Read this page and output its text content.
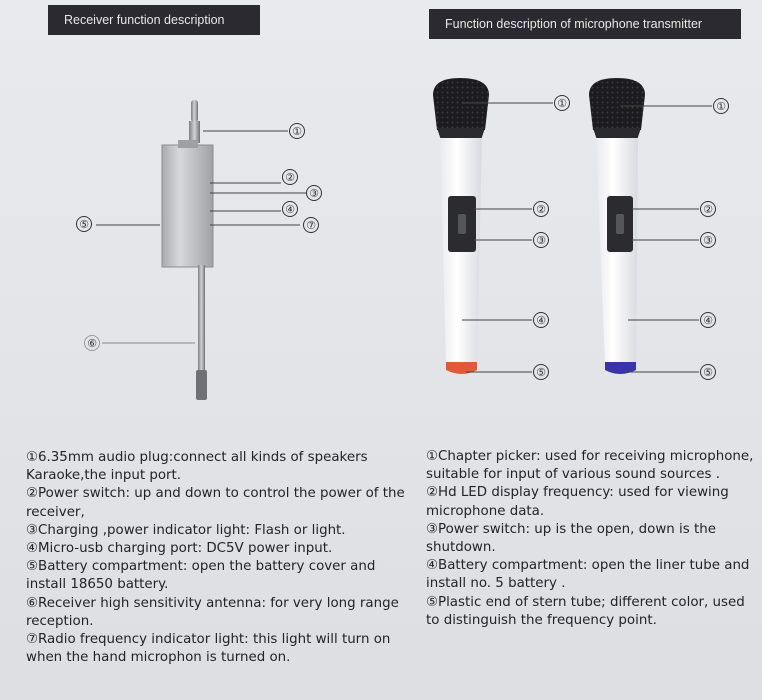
Receiver function description	Function description of microphone transmitter
①
②
③
④
⑦
⑤
⑥
①
②
③
④
⑤
①
②
③
④
⑤
①6.35mm audio plug:connect all kinds of speakers Karaoke,the input port.
②Power switch: up and down to control the power of the receiver,
③Charging ,power indicator light: Flash or light.
④Micro-usb charging port: DC5V power input.
⑤Battery compartment: open the battery cover and install 18650 battery.
⑥Receiver high sensitivity antenna: for very long range reception.
⑦Radio frequency indicator light: this light will turn on when the hand microphon is turned on.
①Chapter picker: used for receiving microphone, suitable for input of various sound sources .
②Hd LED display frequency: used for viewing microphone data.
③Power switch: up is the open, down is the shutdown.
④Battery compartment: open the liner tube and install no. 5 battery .
⑤Plastic end of stern tube; different color, used to distinguish the frequency point.
